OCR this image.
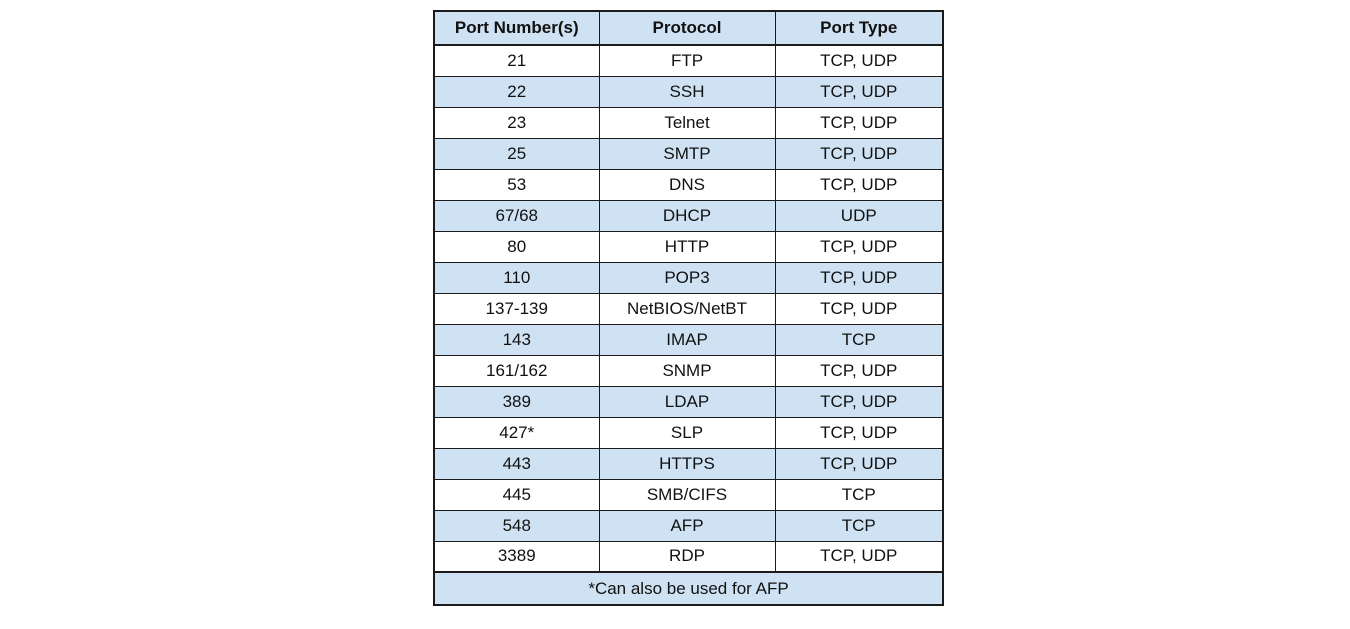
Port Number(s)	Protocol	Port Type
21	FTP	TCP, UDP
22	SSH	TCP, UDP
23	Telnet	TCP, UDP
25	SMTP	TCP, UDP
53	DNS	TCP, UDP
67/68	DHCP	UDP
80	HTTP	TCP, UDP
110	POP3	TCP, UDP
137-139	NetBIOS/NetBT	TCP, UDP
143	IMAP	TCP
161/162	SNMP	TCP, UDP
389	LDAP	TCP, UDP
427*	SLP	TCP, UDP
443	HTTPS	TCP, UDP
445	SMB/CIFS	TCP
548	AFP	TCP
3389	RDP	TCP, UDP
*Can also be used for AFP		
